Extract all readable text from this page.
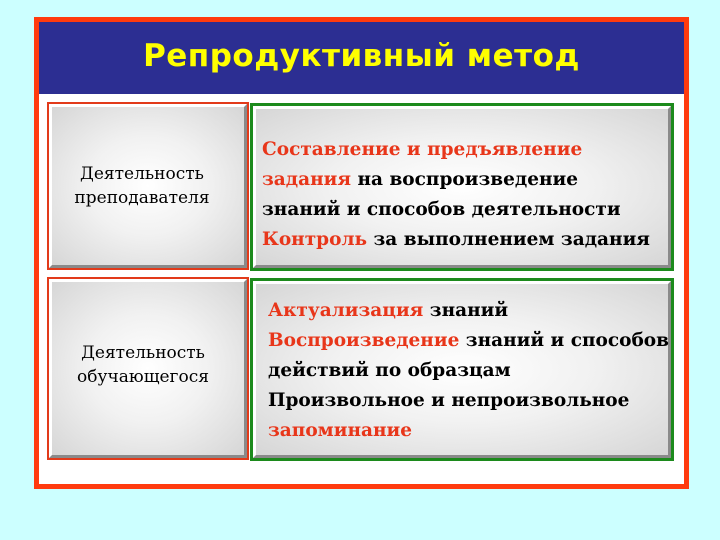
Репродуктивный метод
Деятельность
преподавателя
Составление и предъявление
задания на воспроизведение
знаний и способов деятельности
Контроль за выполнением задания
Деятельность
обучающегося
Актуализация знаний
Воспроизведение знаний и способов
действий по образцам
Произвольное и непроизвольное
запоминание
